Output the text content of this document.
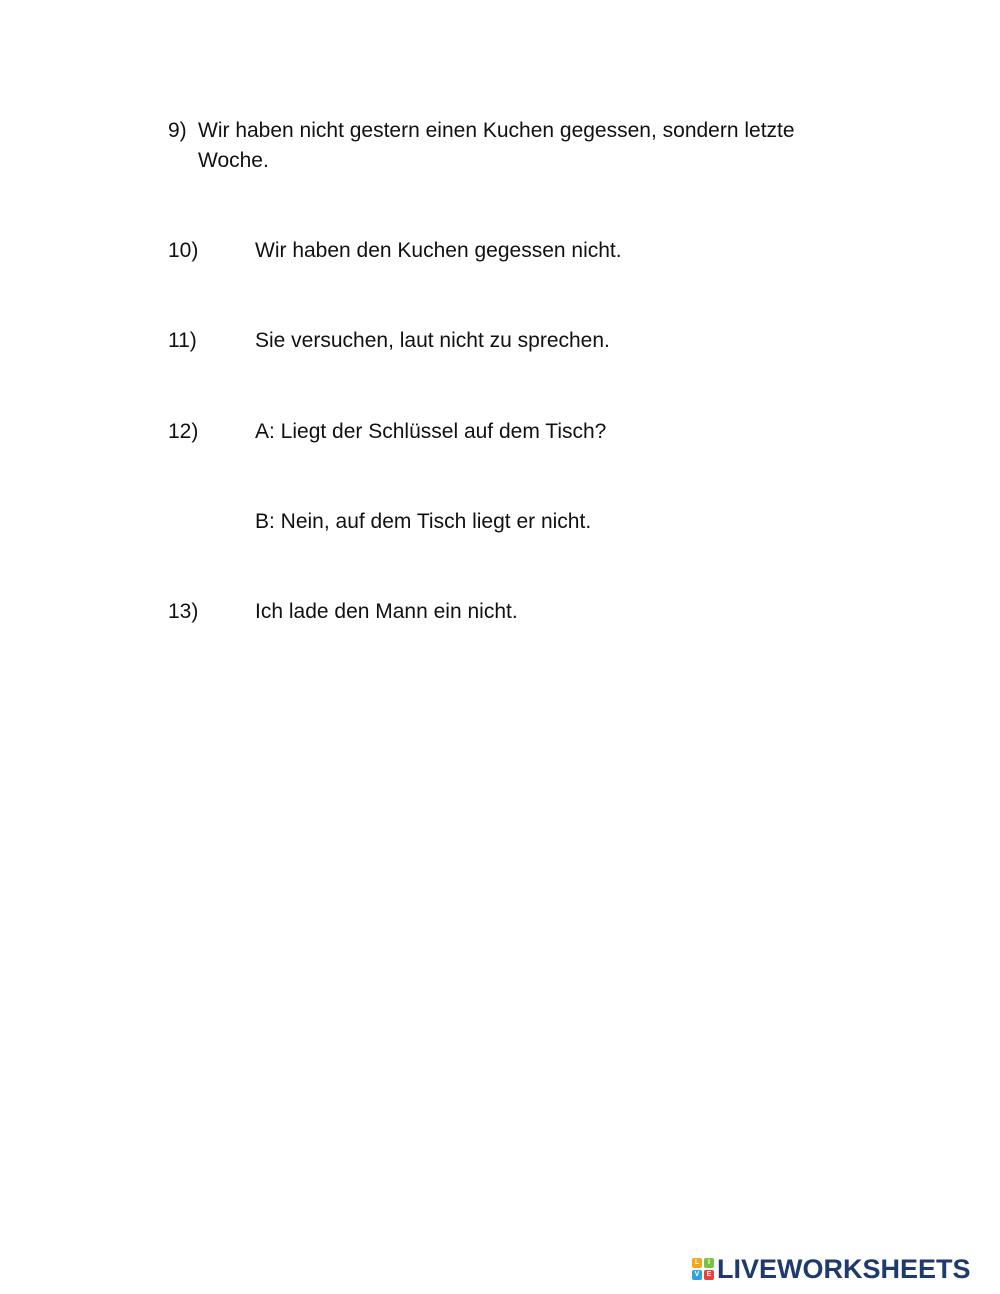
9) Wir haben nicht gestern einen Kuchen gegessen, sondern letzte Woche.
10)	Wir haben den Kuchen gegessen nicht.
11)	Sie versuchen, laut nicht zu sprechen.
12)	A: Liegt der Schlüssel auf dem Tisch?
B: Nein, auf dem Tisch liegt er nicht.
13)	Ich lade den Mann ein nicht.
L	I
V	E LIVEWORKSHEETS
